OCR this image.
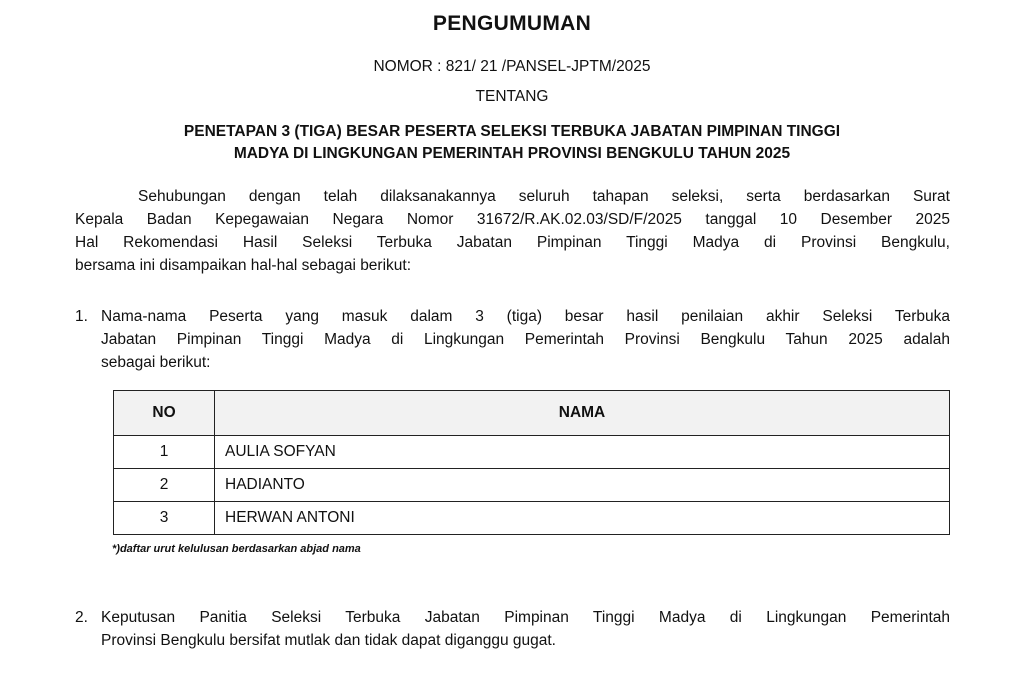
PENGUMUMAN
NOMOR : 821/ 21 /PANSEL-JPTM/2025
TENTANG
PENETAPAN 3 (TIGA) BESAR PESERTA SELEKSI TERBUKA JABATAN PIMPINAN TINGGI
MADYA DI LINGKUNGAN PEMERINTAH PROVINSI BENGKULU TAHUN 2025
Sehubungan dengan telah dilaksanakannya seluruh tahapan seleksi, serta berdasarkan Surat
Kepala Badan Kepegawaian Negara Nomor 31672/R.AK.02.03/SD/F/2025 tanggal 10 Desember 2025
Hal Rekomendasi Hasil Seleksi Terbuka Jabatan Pimpinan Tinggi Madya di Provinsi Bengkulu,
bersama ini disampaikan hal-hal sebagai berikut:
1. Nama-nama Peserta yang masuk dalam 3 (tiga) besar hasil penilaian akhir Seleksi Terbuka
Jabatan Pimpinan Tinggi Madya di Lingkungan Pemerintah Provinsi Bengkulu Tahun 2025 adalah
sebagai berikut:
NO	NAMA
1	AULIA SOFYAN
2	HADIANTO
3	HERWAN ANTONI
*)daftar urut kelulusan berdasarkan abjad nama
2. Keputusan Panitia Seleksi Terbuka Jabatan Pimpinan Tinggi Madya di Lingkungan Pemerintah
Provinsi Bengkulu bersifat mutlak dan tidak dapat diganggu gugat.
